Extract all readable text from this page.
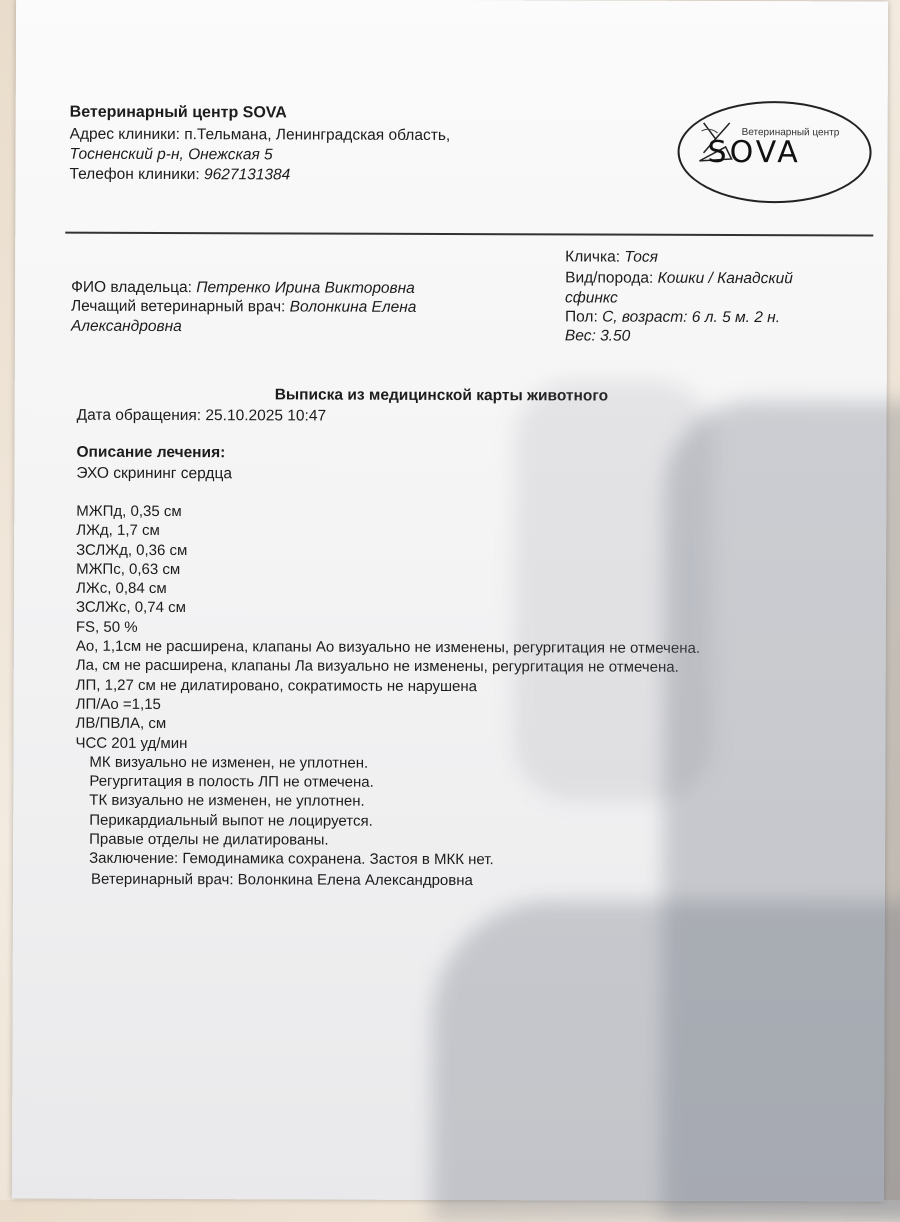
Ветеринарный центр SOVA
Адрес клиники: п.Тельмана, Ленинградская область,
Тосненский р-н, Онежская 5
Телефон клиники: 9627131384
Ветеринарный центр
SOVA
Кличка: Тося
Вид/порода: Кошки / Канадский
сфинкс
Пол: С, возраст: 6 л. 5 м. 2 н.
Вес: 3.50
ФИО владельца: Петренко Ирина Викторовна
Лечащий ветеринарный врач: Волонкина Елена
Александровна
Выписка из медицинской карты животного
Дата обращения: 25.10.2025 10:47
Описание лечения:
ЭХО скрининг сердца
МЖПд, 0,35 см
ЛЖд, 1,7 см
ЗСЛЖд, 0,36 см
МЖПс, 0,63 см
ЛЖс, 0,84 см
ЗСЛЖс, 0,74 см
FS, 50 %
Ао, 1,1см не расширена, клапаны Ао визуально не изменены, регургитация не отмечена.
Ла, см не расширена, клапаны Ла визуально не изменены, регургитация не отмечена.
ЛП, 1,27 см не дилатировано, сократимость не нарушена
ЛП/Ао =1,15
ЛВ/ПВЛА, см
ЧСС 201 уд/мин
МК визуально не изменен, не уплотнен.
Регургитация в полость ЛП не отмечена.
ТК визуально не изменен, не уплотнен.
Перикардиальный выпот не лоцируется.
Правые отделы не дилатированы.
Заключение: Гемодинамика сохранена. Застоя в МКК нет.
Ветеринарный врач: Волонкина Елена Александровна
